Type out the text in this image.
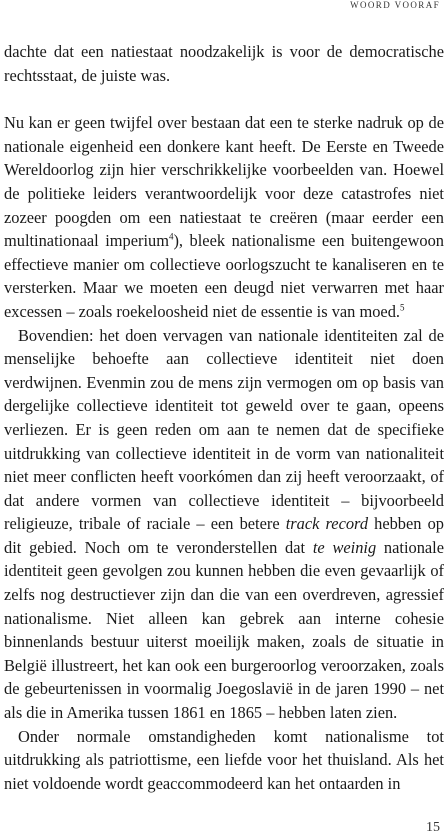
WOORD VOORAF

dachte dat een natiestaat noodzakelijk is voor de democratische rechtsstaat, de juiste was.

Nu kan er geen twijfel over bestaan dat een te sterke nadruk op de nationale eigenheid een donkere kant heeft. De Eerste en Tweede Wereldoorlog zijn hier verschrikkelijke voorbeelden van. Hoewel de politieke leiders verantwoordelijk voor deze catastrofes niet zozeer poogden om een natiestaat te creëren (maar eerder een multinationaal imperium$^4$), bleek nationalisme een buitengewoon effectieve manier om collectieve oorlogszucht te kanaliseren en te versterken. Maar we moeten een deugd niet verwarren met haar excessen – zoals roekeloosheid niet de essentie is van moed.$^5$

Bovendien: het doen vervagen van nationale identiteiten zal de menselijke behoefte aan collectieve identiteit niet doen verdwijnen. Evenmin zou de mens zijn vermogen om op basis van dergelijke collectieve identiteit tot geweld over te gaan, opeens verliezen. Er is geen reden om aan te nemen dat de specifieke uitdrukking van collectieve identiteit in de vorm van nationaliteit niet meer conflicten heeft voorkómen dan zij heeft veroorzaakt, of dat andere vormen van collectieve identiteit – bijvoorbeeld religieuze, tribale of raciale – een betere track record hebben op dit gebied. Noch om te veronderstellen dat te weinig nationale identiteit geen gevolgen zou kunnen hebben die even gevaarlijk of zelfs nog destructiever zijn dan die van een overdreven, agressief nationalisme. Niet alleen kan gebrek aan interne cohesie binnenlands bestuur uiterst moeilijk maken, zoals de situatie in België illustreert, het kan ook een burgeroorlog veroorzaken, zoals de gebeurtenissen in voormalig Joegoslavië in de jaren 1990 – net als die in Amerika tussen 1861 en 1865 – hebben laten zien.

Onder normale omstandigheden komt nationalisme tot uitdrukking als patriottisme, een liefde voor het thuisland. Als het niet voldoende wordt geaccommodeerd kan het ontaarden in

15
